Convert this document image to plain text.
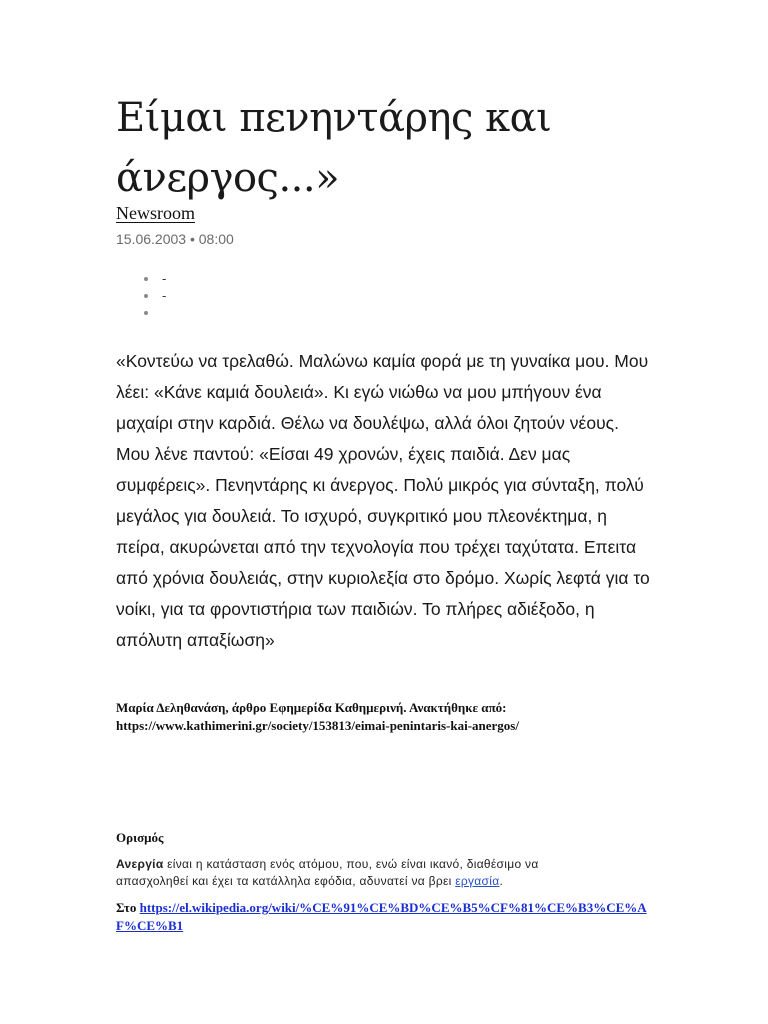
Είμαι πενηντάρης και άνεργος...»
Newsroom
15.06.2003 • 08:00
-
-

«Κοντεύω να τρελαθώ. Μαλώνω καμία φορά με τη γυναίκα μου. Μου λέει: «Κάνε καμιά δουλειά». Κι εγώ νιώθω να μου μπήγουν ένα μαχαίρι στην καρδιά. Θέλω να δουλέψω, αλλά όλοι ζητούν νέους. Μου λένε παντού: «Είσαι 49 χρονών, έχεις παιδιά. Δεν μας συμφέρεις». Πενηντάρης κι άνεργος. Πολύ μικρός για σύνταξη, πολύ μεγάλος για δουλειά. Το ισχυρό, συγκριτικό μου πλεονέκτημα, η πείρα, ακυρώνεται από την τεχνολογία που τρέχει ταχύτατα. Επειτα από χρόνια δουλειάς, στην κυριολεξία στο δρόμο. Χωρίς λεφτά για το νοίκι, για τα φροντιστήρια των παιδιών. Το πλήρες αδιέξοδο, η απόλυτη απαξίωση»

Μαρία Δεληθανάση, άρθρο Εφημερίδα Καθημερινή. Ανακτήθηκε από: https://www.kathimerini.gr/society/153813/eimai-penintaris-kai-anergos/

Ορισμός

Ανεργία είναι η κατάσταση ενός ατόμου, που, ενώ είναι ικανό, διαθέσιμο να απασχοληθεί και έχει τα κατάλληλα εφόδια, αδυνατεί να βρει εργασία.

Στο https://el.wikipedia.org/wiki/%CE%91%CE%BD%CE%B5%CF%81%CE%B3%CE%AF%CE%B1
